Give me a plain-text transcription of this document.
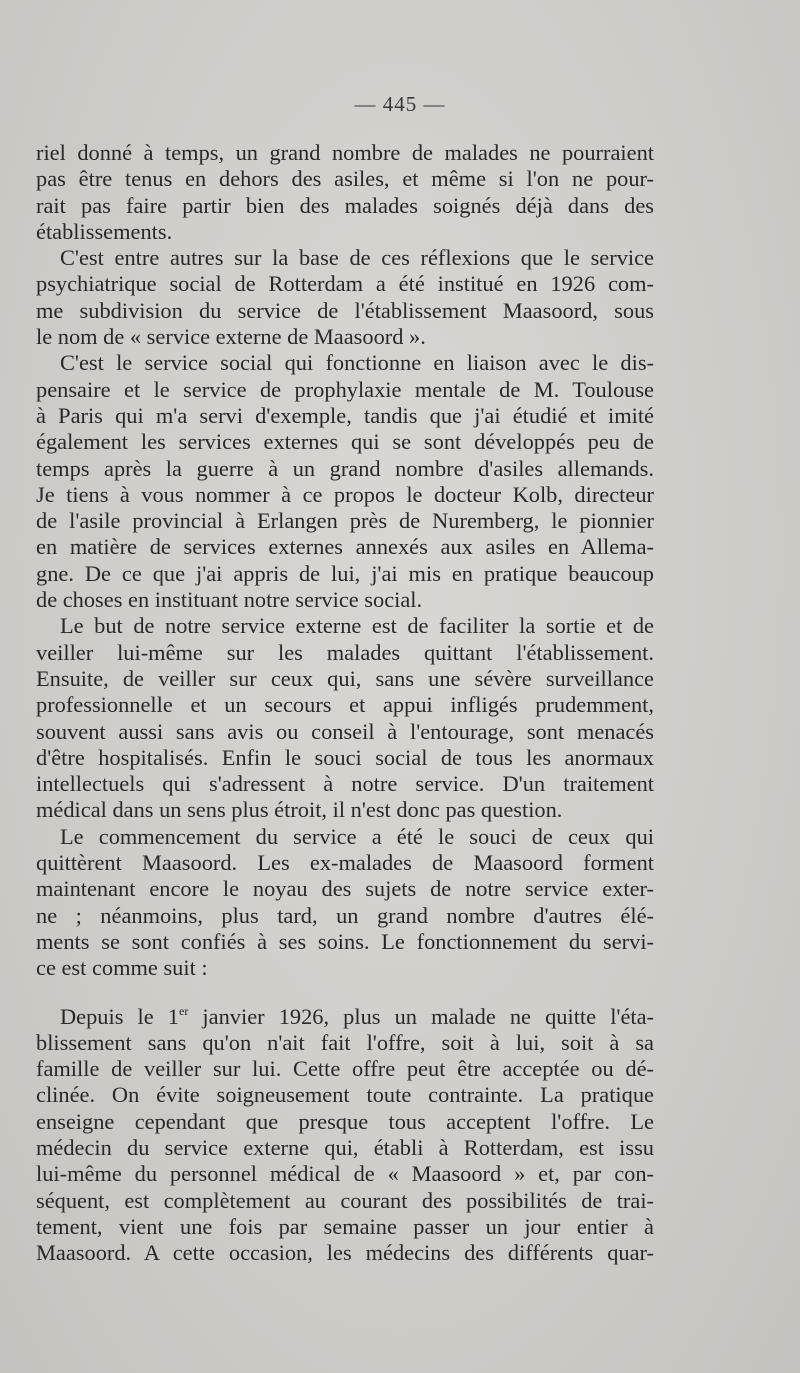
— 445 —
riel donné à temps, un grand nombre de malades ne pourraient
pas être tenus en dehors des asiles, et même si l'on ne pour-
rait pas faire partir bien des malades soignés déjà dans des
établissements.
C'est entre autres sur la base de ces réflexions que le service
psychiatrique social de Rotterdam a été institué en 1926 com-
me subdivision du service de l'établissement Maasoord, sous
le nom de « service externe de Maasoord ».
C'est le service social qui fonctionne en liaison avec le dis-
pensaire et le service de prophylaxie mentale de M. Toulouse
à Paris qui m'a servi d'exemple, tandis que j'ai étudié et imité
également les services externes qui se sont développés peu de
temps après la guerre à un grand nombre d'asiles allemands.
Je tiens à vous nommer à ce propos le docteur Kolb, directeur
de l'asile provincial à Erlangen près de Nuremberg, le pionnier
en matière de services externes annexés aux asiles en Allema-
gne. De ce que j'ai appris de lui, j'ai mis en pratique beaucoup
de choses en instituant notre service social.
Le but de notre service externe est de faciliter la sortie et de
veiller lui-même sur les malades quittant l'établissement.
Ensuite, de veiller sur ceux qui, sans une sévère surveillance
professionnelle et un secours et appui infligés prudemment,
souvent aussi sans avis ou conseil à l'entourage, sont menacés
d'être hospitalisés. Enfin le souci social de tous les anormaux
intellectuels qui s'adressent à notre service. D'un traitement
médical dans un sens plus étroit, il n'est donc pas question.
Le commencement du service a été le souci de ceux qui
quittèrent Maasoord. Les ex-malades de Maasoord forment
maintenant encore le noyau des sujets de notre service exter-
ne ; néanmoins, plus tard, un grand nombre d'autres élé-
ments se sont confiés à ses soins. Le fonctionnement du servi-
ce est comme suit :
Depuis le 1er janvier 1926, plus un malade ne quitte l'éta-
blissement sans qu'on n'ait fait l'offre, soit à lui, soit à sa
famille de veiller sur lui. Cette offre peut être acceptée ou dé-
clinée. On évite soigneusement toute contrainte. La pratique
enseigne cependant que presque tous acceptent l'offre. Le
médecin du service externe qui, établi à Rotterdam, est issu
lui-même du personnel médical de « Maasoord » et, par con-
séquent, est complètement au courant des possibilités de trai-
tement, vient une fois par semaine passer un jour entier à
Maasoord. A cette occasion, les médecins des différents quar-
